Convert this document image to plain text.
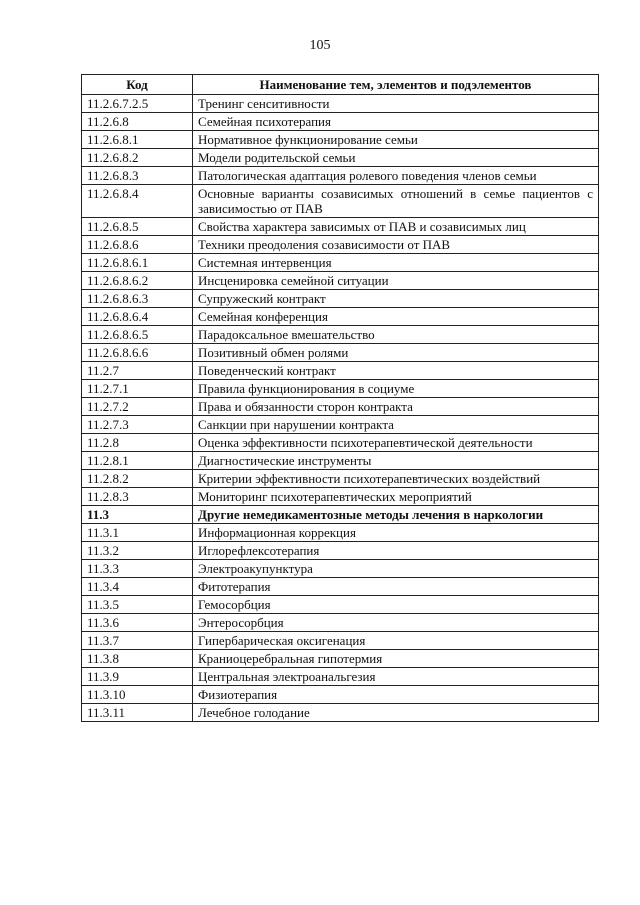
105
Код	Наименование тем, элементов и подэлементов
11.2.6.7.2.5	Тренинг сенситивности
11.2.6.8	Семейная психотерапия
11.2.6.8.1	Нормативное функционирование семьи
11.2.6.8.2	Модели родительской семьи
11.2.6.8.3	Патологическая адаптация ролевого поведения членов семьи
11.2.6.8.4	Основные варианты созависимых отношений в семье пациентов с зависимостью от ПАВ
11.2.6.8.5	Свойства характера зависимых от ПАВ и созависимых лиц
11.2.6.8.6	Техники преодоления созависимости от ПАВ
11.2.6.8.6.1	Системная интервенция
11.2.6.8.6.2	Инсценировка семейной ситуации
11.2.6.8.6.3	Супружеский контракт
11.2.6.8.6.4	Семейная конференция
11.2.6.8.6.5	Парадоксальное вмешательство
11.2.6.8.6.6	Позитивный обмен ролями
11.2.7	Поведенческий контракт
11.2.7.1	Правила функционирования в социуме
11.2.7.2	Права и обязанности сторон контракта
11.2.7.3	Санкции при нарушении контракта
11.2.8	Оценка эффективности психотерапевтической деятельности
11.2.8.1	Диагностические инструменты
11.2.8.2	Критерии эффективности психотерапевтических воздействий
11.2.8.3	Мониторинг психотерапевтических мероприятий
11.3	Другие немедикаментозные методы лечения в наркологии
11.3.1	Информационная коррекция
11.3.2	Иглорефлексотерапия
11.3.3	Электроакупунктура
11.3.4	Фитотерапия
11.3.5	Гемосорбция
11.3.6	Энтеросорбция
11.3.7	Гипербарическая оксигенация
11.3.8	Краниоцеребральная гипотермия
11.3.9	Центральная электроанальгезия
11.3.10	Физиотерапия
11.3.11	Лечебное голодание
